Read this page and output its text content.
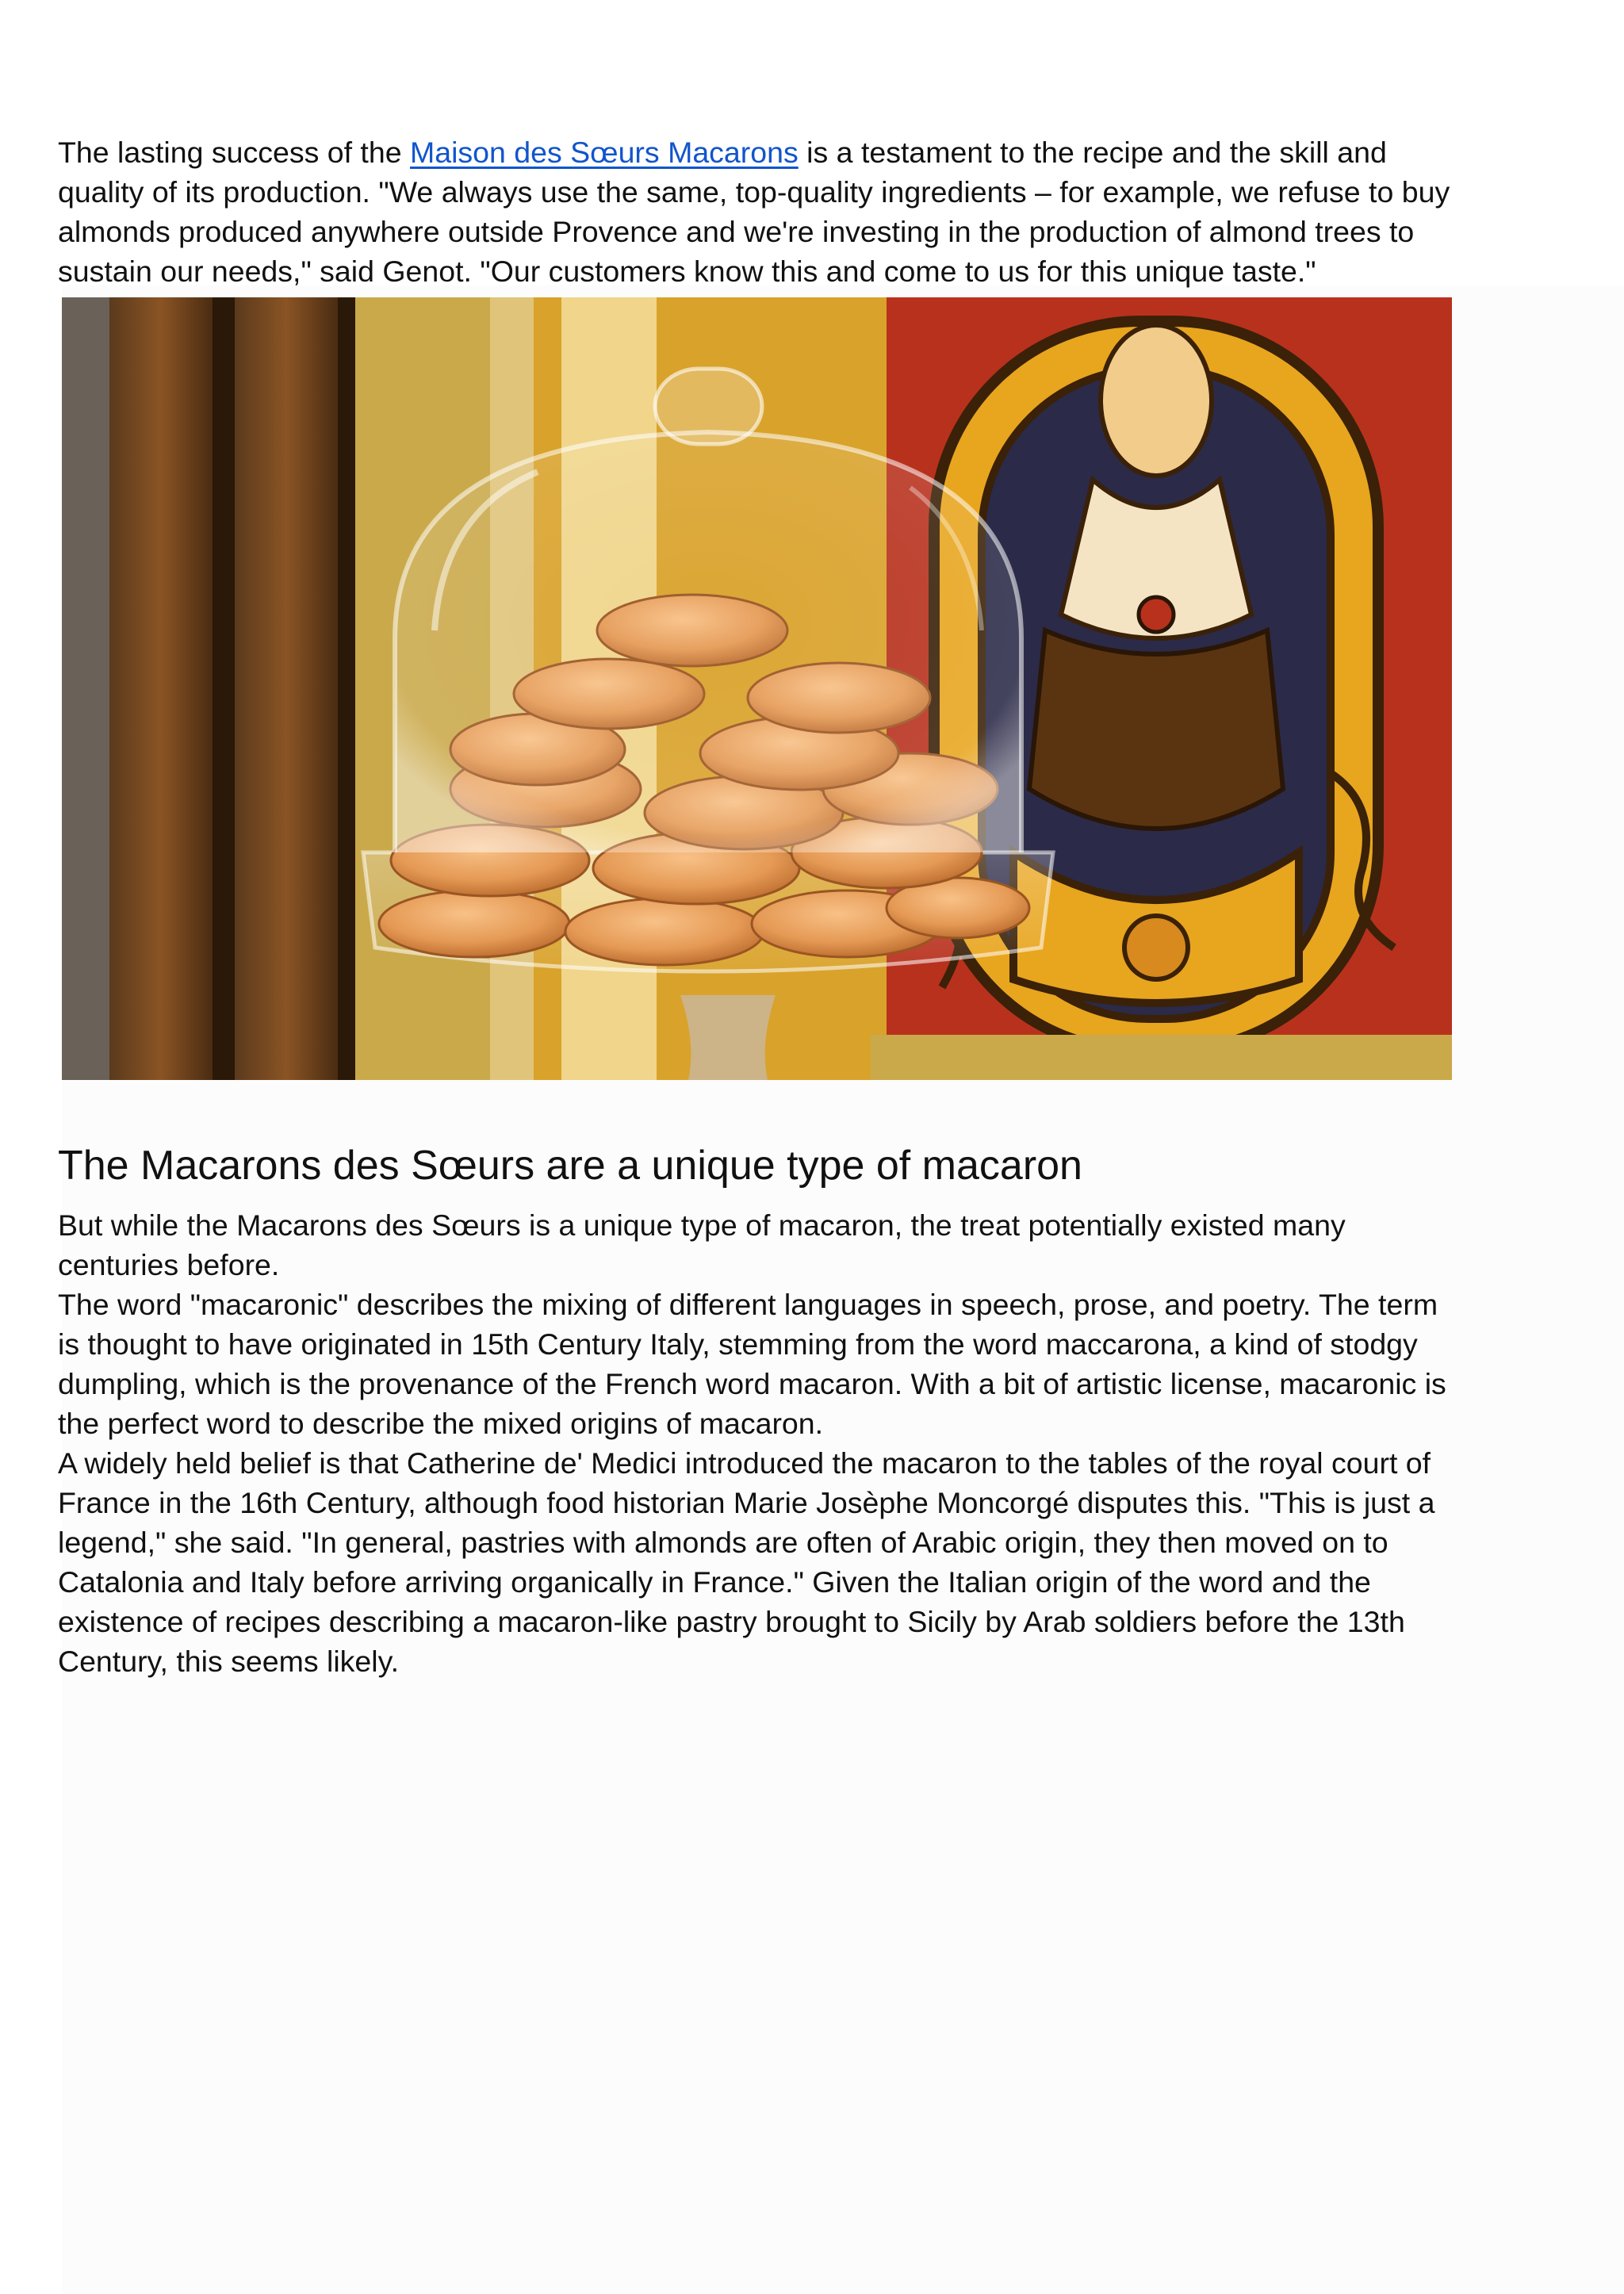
The lasting success of the Maison des Sœurs Macarons is a testament to the recipe and the skill and quality of its production. "We always use the same, top-quality ingredients – for example, we refuse to buy almonds produced anywhere outside Provence and we're investing in the production of almond trees to sustain our needs," said Genot. "Our customers know this and come to us for this unique taste."

The Macarons des Sœurs are a unique type of macaron

But while the Macarons des Sœurs is a unique type of macaron, the treat potentially existed many centuries before.

The word "macaronic" describes the mixing of different languages in speech, prose, and poetry. The term is thought to have originated in 15th Century Italy, stemming from the word maccarona, a kind of stodgy dumpling, which is the provenance of the French word macaron. With a bit of artistic license, macaronic is the perfect word to describe the mixed origins of macaron.

A widely held belief is that Catherine de' Medici introduced the macaron to the tables of the royal court of France in the 16th Century, although food historian Marie Josèphe Moncorgé disputes this. "This is just a legend," she said. "In general, pastries with almonds are often of Arabic origin, they then moved on to Catalonia and Italy before arriving organically in France." Given the Italian origin of the word and the existence of recipes describing a macaron-like pastry brought to Sicily by Arab soldiers before the 13th Century, this seems likely.
